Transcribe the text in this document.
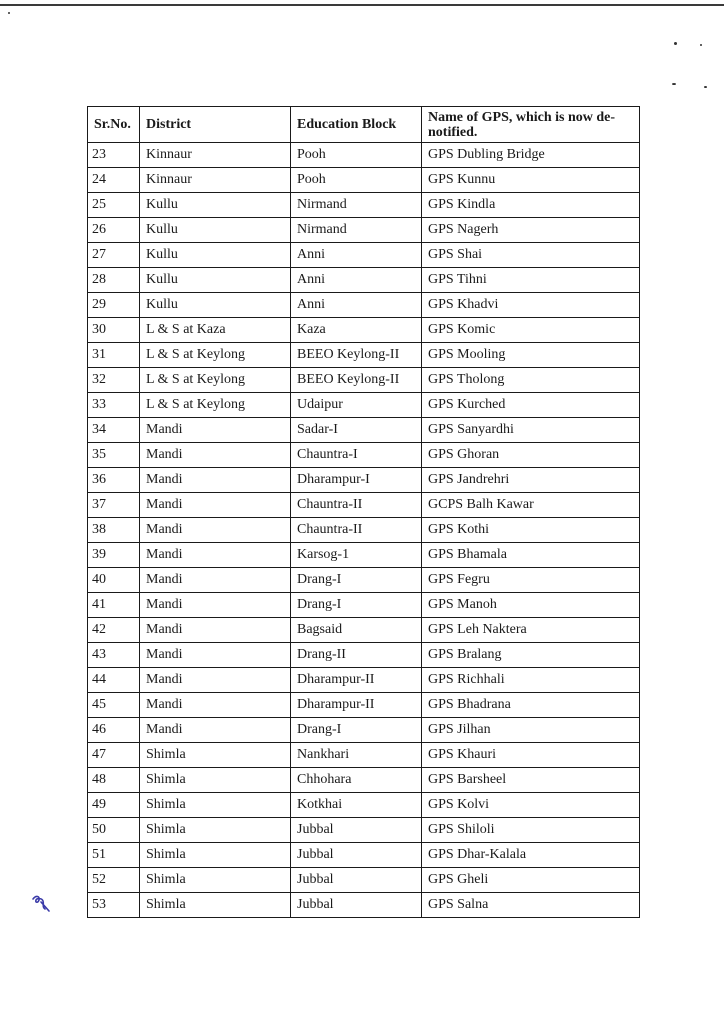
Sr.No.	District	Education Block	Name of GPS, which is now de-notified.
23	Kinnaur	Pooh	GPS Dubling Bridge
24	Kinnaur	Pooh	GPS Kunnu
25	Kullu	Nirmand	GPS Kindla
26	Kullu	Nirmand	GPS Nagerh
27	Kullu	Anni	GPS Shai
28	Kullu	Anni	GPS Tihni
29	Kullu	Anni	GPS Khadvi
30	L & S at Kaza	Kaza	GPS Komic
31	L & S at Keylong	BEEO Keylong-II	GPS Mooling
32	L & S at Keylong	BEEO Keylong-II	GPS Tholong
33	L & S at Keylong	Udaipur	GPS Kurched
34	Mandi	Sadar-I	GPS Sanyardhi
35	Mandi	Chauntra-I	GPS Ghoran
36	Mandi	Dharampur-I	GPS Jandrehri
37	Mandi	Chauntra-II	GCPS Balh Kawar
38	Mandi	Chauntra-II	GPS Kothi
39	Mandi	Karsog-1	GPS Bhamala
40	Mandi	Drang-I	GPS Fegru
41	Mandi	Drang-I	GPS Manoh
42	Mandi	Bagsaid	GPS Leh Naktera
43	Mandi	Drang-II	GPS Bralang
44	Mandi	Dharampur-II	GPS Richhali
45	Mandi	Dharampur-II	GPS Bhadrana
46	Mandi	Drang-I	GPS Jilhan
47	Shimla	Nankhari	GPS Khauri
48	Shimla	Chhohara	GPS Barsheel
49	Shimla	Kotkhai	GPS Kolvi
50	Shimla	Jubbal	GPS Shiloli
51	Shimla	Jubbal	GPS Dhar-Kalala
52	Shimla	Jubbal	GPS Gheli
53	Shimla	Jubbal	GPS Salna
